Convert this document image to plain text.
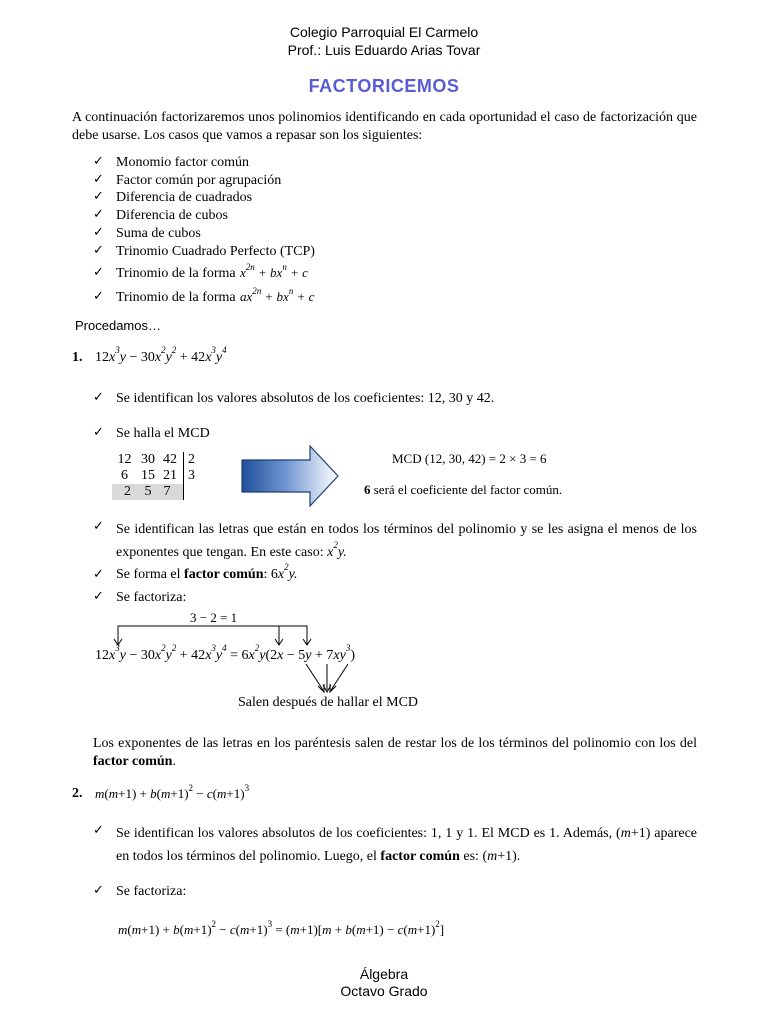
Colegio Parroquial El Carmelo
Prof.: Luis Eduardo Arias Tovar
FACTORICEMOS
A continuación factorizaremos unos polinomios identificando en cada oportunidad el caso de factorización que debe usarse. Los casos que vamos a repasar son los siguientes:
✓ Monomio factor común
✓ Factor común por agrupación
✓ Diferencia de cuadrados
✓ Diferencia de cubos
✓ Suma de cubos
✓ Trinomio Cuadrado Perfecto (TCP)
✓ Trinomio de la forma $x^{2n} + bx^n + c$
✓ Trinomio de la forma $ax^{2n} + bx^n + c$
Procedamos…
1. $12x^3y - 30x^2y^2 + 42x^3y^4$
✓ Se identifican los valores absolutos de los coeficientes: 12, 30 y 42.
✓ Se halla el MCD
12	30	42	2
6	15	21	3
2	5	7	
MCD (12, 30, 42) = 2 × 3 = 6
6 será el coeficiente del factor común.
✓ Se identifican las letras que están en todos los términos del polinomio y se les asigna el menos de los exponentes que tengan. En este caso: $x^2y$.
✓ Se forma el factor común: $6x^2y$.
✓ Se factoriza:
3 − 2 = 1
$12x^3y - 30x^2y^2 + 42x^3y^4 = 6x^2y(2x - 5y + 7xy^3)$
Salen después de hallar el MCD
Los exponentes de las letras en los paréntesis salen de restar los de los términos del polinomio con los del factor común.
2. $m(m+1) + b(m+1)^2 - c(m+1)^3$
✓ Se identifican los valores absolutos de los coeficientes: 1, 1 y 1. El MCD es 1. Además, (m+1) aparece en todos los términos del polinomio. Luego, el factor común es: (m+1).
✓ Se factoriza:
$m(m+1) + b(m+1)^2 - c(m+1)^3 = (m+1)[m + b(m+1) - c(m+1)^2]$
Álgebra
Octavo Grado
